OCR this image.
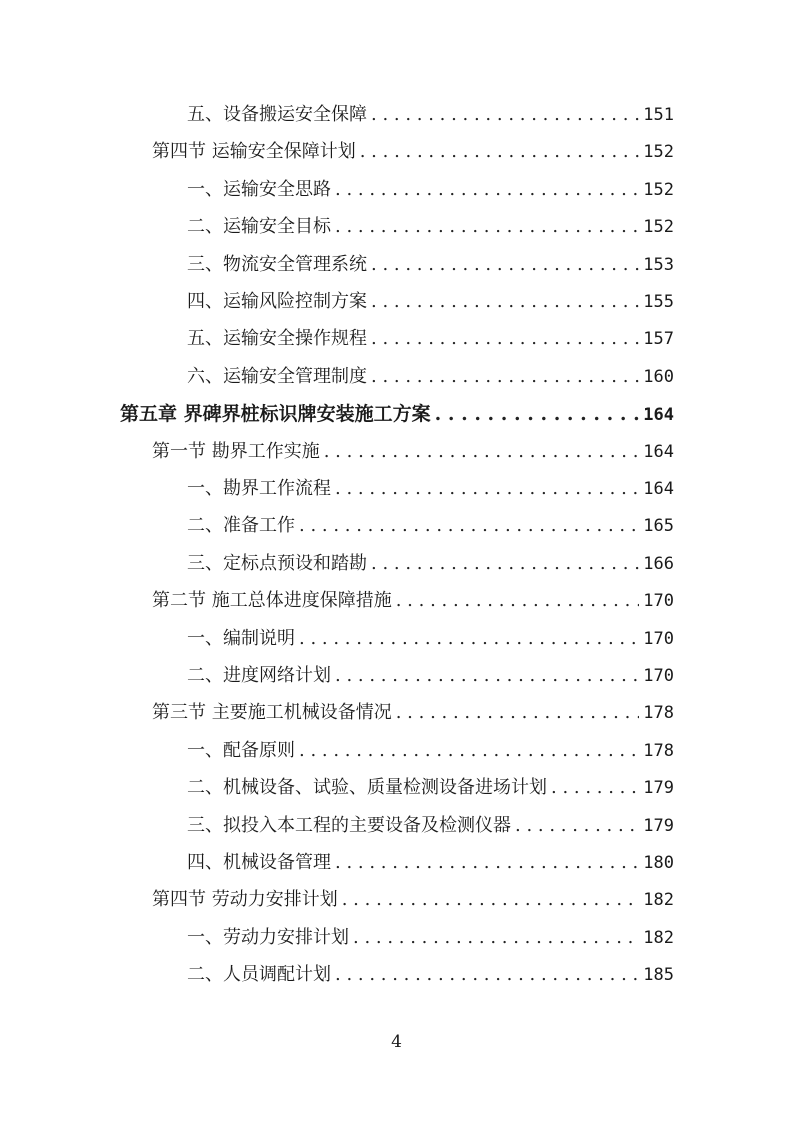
五、设备搬运安全保障 . . .	151
第四节 运输安全保障计划 . . .	152
一、运输安全思路 . . .	152
二、运输安全目标 . . .	152
三、物流安全管理系统 . . .	153
四、运输风险控制方案 . . .	155
五、运输安全操作规程 . . .	157
六、运输安全管理制度 . . .	160
第五章 界碑界桩标识牌安装施工方案 . . .	164
第一节 勘界工作实施 . . .	164
一、勘界工作流程 . . .	164
二、准备工作 . . .	165
三、定标点预设和踏勘 . . .	166
第二节 施工总体进度保障措施 . . .	170
一、编制说明 . . .	170
二、进度网络计划 . . .	170
第三节 主要施工机械设备情况 . . .	178
一、配备原则 . . .	178
二、机械设备、试验、质量检测设备进场计划 . . .	179
三、拟投入本工程的主要设备及检测仪器 . . .	179
四、机械设备管理 . . .	180
第四节 劳动力安排计划 . . .	182
一、劳动力安排计划 . . .	182
二、人员调配计划 . . .	185
4
